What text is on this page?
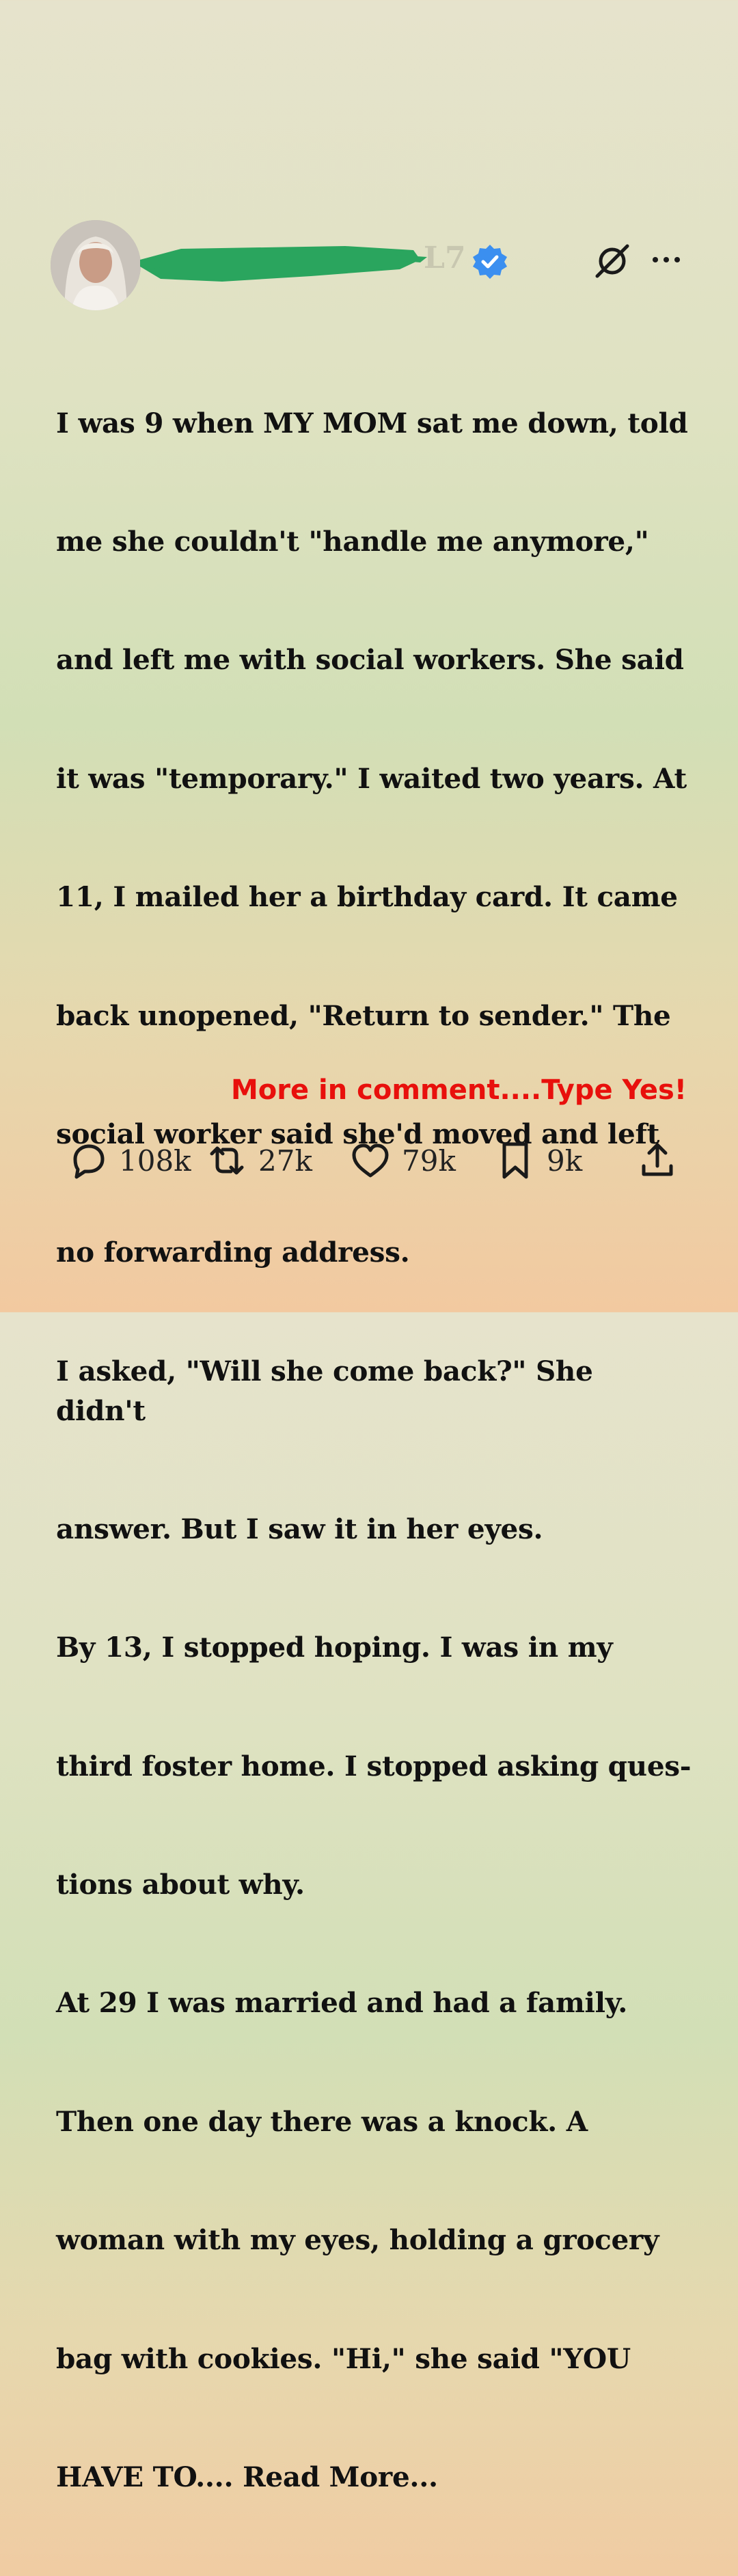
L7

I was 9 when MY MOM sat me down, told

me she couldn't "handle me anymore,"

and left me with social workers. She said

it was "temporary." I waited two years. At

11, I mailed her a birthday card. It came

back unopened, "Return to sender." The

social worker said she'd moved and left

no forwarding address.

I asked, "Will she come back?" She didn't

answer. But I saw it in her eyes.

By 13, I stopped hoping. I was in my

third foster home. I stopped asking ques-

tions about why.

At 29 I was married and had a family.

Then one day there was a knock. A

woman with my eyes, holding a grocery

bag with cookies. "Hi," she said "YOU

HAVE TO.... Read More...

More in comment....Type Yes!

108k 27k	79k	9k
